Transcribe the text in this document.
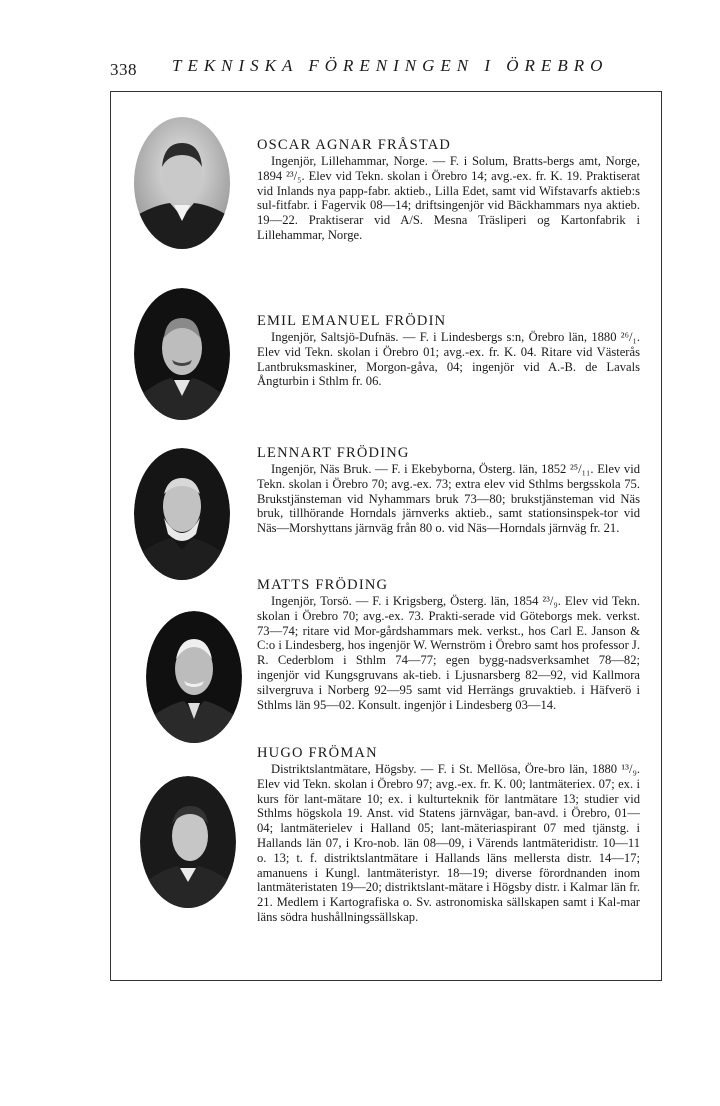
338 TEKNISKA FÖRENINGEN I ÖREBRO

OSCAR AGNAR FRÅSTAD

Ingenjör, Lillehammar, Norge. — F. i Solum, Bratts-bergs amt, Norge, 1894 ²³/₅. Elev vid Tekn. skolan i Örebro 14; avg.-ex. fr. K. 19. Praktiserat vid Inlands nya papp-fabr. aktieb., Lilla Edet, samt vid Wifstavarfs aktieb:s sul-fitfabr. i Fagervik 08—14; driftsingenjör vid Bäckhammars nya aktieb. 19—22. Praktiserar vid A/S. Mesna Träsliperi og Kartonfabrik i Lillehammar, Norge.

EMIL EMANUEL FRÖDIN

Ingenjör, Saltsjö-Dufnäs. — F. i Lindesbergs s:n, Örebro län, 1880 ²⁶/₁. Elev vid Tekn. skolan i Örebro 01; avg.-ex. fr. K. 04. Ritare vid Västerås Lantbruksmaskiner, Morgon-gåva, 04; ingenjör vid A.-B. de Lavals Ångturbin i Sthlm fr. 06.

LENNART FRÖDING

Ingenjör, Näs Bruk. — F. i Ekebyborna, Österg. län, 1852 ²⁵/₁₁. Elev vid Tekn. skolan i Örebro 70; avg.-ex. 73; extra elev vid Sthlms bergsskola 75. Brukstjänsteman vid Nyhammars bruk 73—80; brukstjänsteman vid Näs bruk, tillhörande Horndals järnverks aktieb., samt stationsinspek-tor vid Näs—Morshyttans järnväg från 80 o. vid Näs—Horndals järnväg fr. 21.

MATTS FRÖDING

Ingenjör, Torsö. — F. i Krigsberg, Österg. län, 1854 ²³/₉. Elev vid Tekn. skolan i Örebro 70; avg.-ex. 73. Prakti-serade vid Göteborgs mek. verkst. 73—74; ritare vid Mor-gårdshammars mek. verkst., hos Carl E. Janson & C:o i Lindesberg, hos ingenjör W. Wernström i Örebro samt hos professor J. R. Cederblom i Sthlm 74—77; egen bygg-nadsverksamhet 78—82; ingenjör vid Kungsgruvans ak-tieb. i Ljusnarsberg 82—92, vid Kallmora silvergruva i Norberg 92—95 samt vid Herrängs gruvaktieb. i Häfverö i Sthlms län 95—02. Konsult. ingenjör i Lindesberg 03—14.

HUGO FRÖMAN

Distriktslantmätare, Högsby. — F. i St. Mellösa, Öre-bro län, 1880 ¹³/₉. Elev vid Tekn. skolan i Örebro 97; avg.-ex. fr. K. 00; lantmäteriex. 07; ex. i kurs för lant-mätare 10; ex. i kulturteknik för lantmätare 13; studier vid Sthlms högskola 19. Anst. vid Statens järnvägar, ban-avd. i Örebro, 01—04; lantmäterielev i Halland 05; lant-mäteriaspirant 07 med tjänstg. i Hallands län 07, i Kro-nob. län 08—09, i Värends lantmäteridistr. 10—11 o. 13; t. f. distriktslantmätare i Hallands läns mellersta distr. 14—17; amanuens i Kungl. lantmäteristyr. 18—19; diverse förordnanden inom lantmäteristaten 19—20; distriktslant-mätare i Högsby distr. i Kalmar län fr. 21. Medlem i Kartografiska o. Sv. astronomiska sällskapen samt i Kal-mar läns södra hushållningssällskap.
